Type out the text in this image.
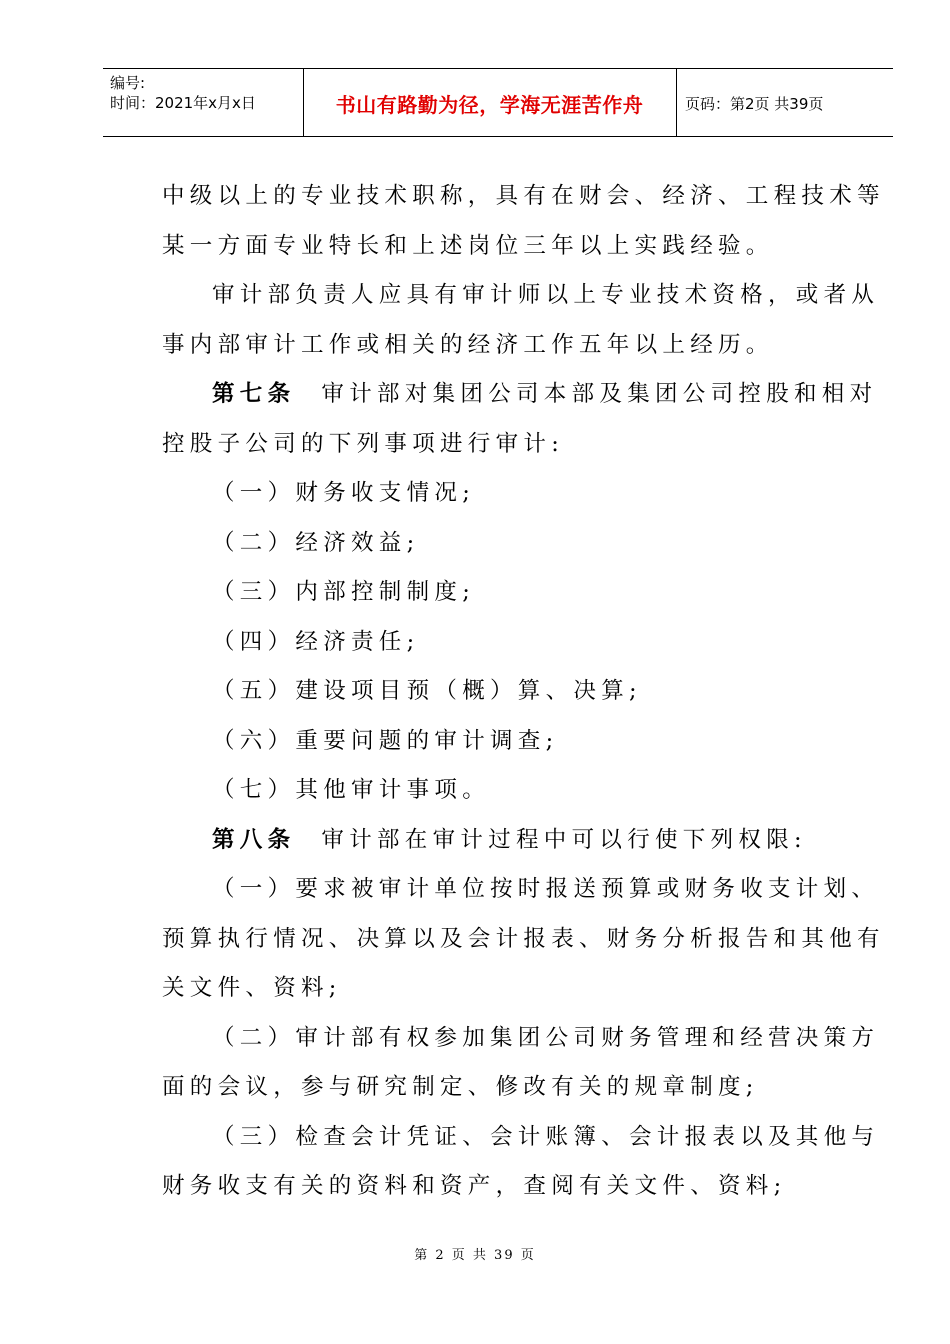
编号:
时间：2021年x月x日	书山有路勤为径，学海无涯苦作舟	页码：第2页 共39页

中级以上的专业技术职称，具有在财会、经济、工程技术等

某一方面专业特长和上述岗位三年以上实践经验。

审计部负责人应具有审计师以上专业技术资格，或者从

事内部审计工作或相关的经济工作五年以上经历。

第七条 审计部对集团公司本部及集团公司控股和相对

控股子公司的下列事项进行审计:

（一）财务收支情况;

（二）经济效益;

（三）内部控制制度;

（四）经济责任;

（五）建设项目预（概）算、决算;

（六）重要问题的审计调查;

（七）其他审计事项。

第八条 审计部在审计过程中可以行使下列权限:

（一）要求被审计单位按时报送预算或财务收支计划、

预算执行情况、决算以及会计报表、财务分析报告和其他有

关文件、资料;

（二）审计部有权参加集团公司财务管理和经营决策方

面的会议，参与研究制定、修改有关的规章制度;

（三）检查会计凭证、会计账簿、会计报表以及其他与

财务收支有关的资料和资产，查阅有关文件、资料;

第 2 页 共 39 页
